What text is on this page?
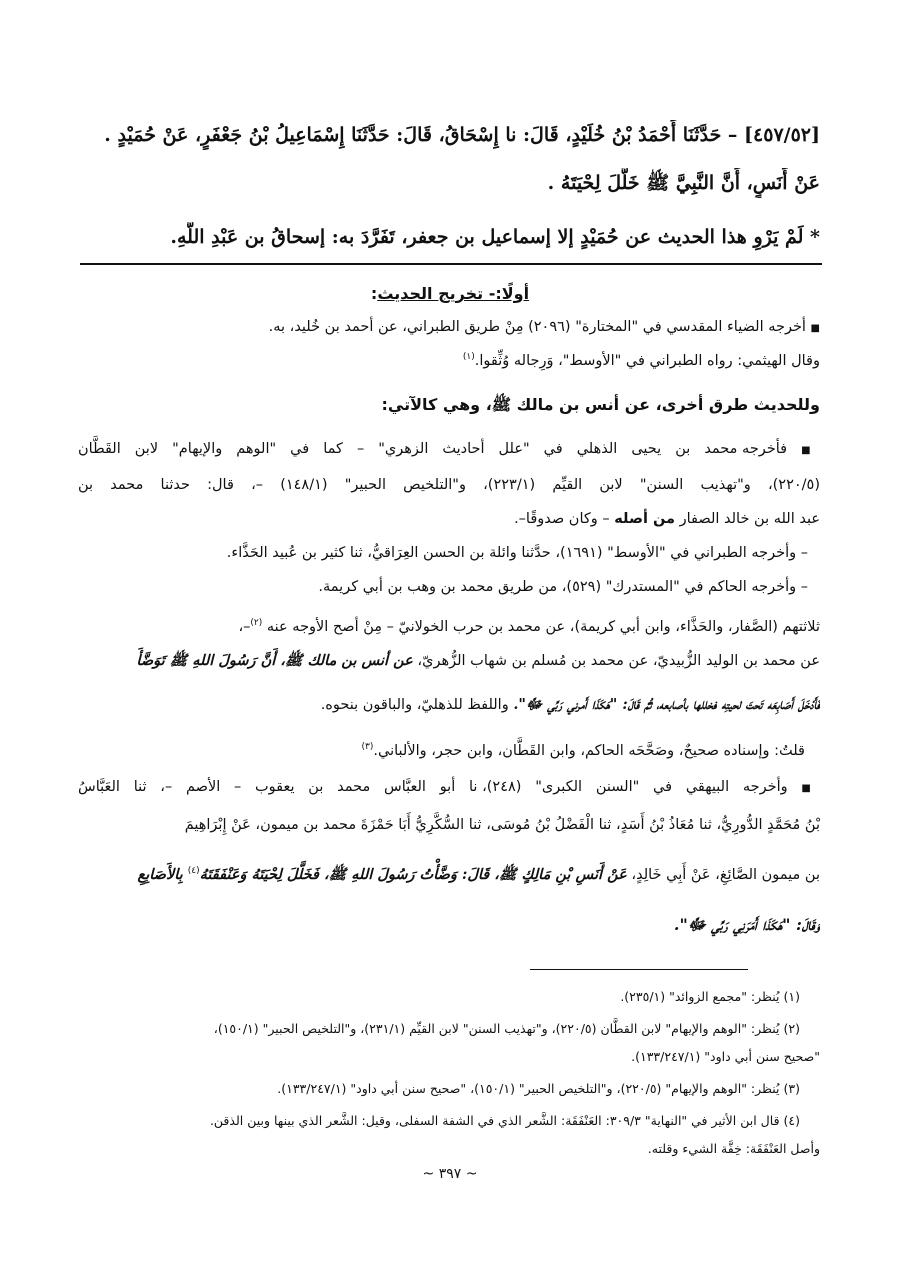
[٤٥٧/٥٢] – حَدَّثَنَا أَحْمَدُ بْنُ خُلَيْدٍ، قَالَ: نا إِسْحَاقُ، قَالَ: حَدَّثَنَا إِسْمَاعِيلُ بْنُ جَعْفَرٍ، عَنْ حُمَيْدٍ .

عَنْ أَنَسٍ، أَنَّ النَّبِيَّ ﷺ خَلَّلَ لِحْيَتَهُ .

* لَمْ يَرْوِ هذا الحديث عن حُمَيْدٍ إلا إسماعيل بن جعفر، تَفَرَّدَ به: إسحاقُ بن عَبْدِ اللَّهِ.

أولًا:- تخريج الحديث:

■ أخرجه الضياء المقدسي في "المختارة" (٢٠٩٦) مِنْ طريق الطبراني، عن أحمد بن خُليد، به.

وقال الهيثمي: رواه الطبراني في "الأوسط"، وَرِجاله وُثِّقوا.$^{(١)}$

وللحديث طرق أخرى، عن أنس بن مالك ﷺ، وهي كالآتي:

■ فأخرجه محمد بن يحيى الذهلي في "علل أحاديث الزهري" – كما في "الوهم والإيهام" لابن القَطَّان

(٢٢٠/٥)، و"تهذيب السنن" لابن القيِّم (٢٢٣/١)، و"التلخيص الحبير" (١٤٨/١) –، قال: حدثنا محمد بن

عبد الله بن خالد الصفار من أصله – وكان صدوقًا–.

– وأخرجه الطبراني في "الأوسط" (١٦٩١)، حدَّثنا وائلة بن الحسن العِرَاقيُّ، ثنا كثير بن عُبيد الحَذَّاء.

– وأخرجه الحاكم في "المستدرك" (٥٢٩)، من طريق محمد بن وهب بن أبي كريمة.

ثلاثتهم (الصَّفار، والحَذَّاء، وابن أبي كريمة)، عن محمد بن حرب الخولانيّ – مِنْ أصح الأوجه عنه $^{(٢)}$–،

عن محمد بن الوليد الزُّبيديّ، عن محمد بن مُسلم بن شهاب الزُّهريّ، عن أنس بن مالك ﷺ، أَنَّ رَسُولَ اللهِ ﷺ تَوَضَّأَ

فَأَدْخَلَ أَصَابِعَه تَحتَ لحيتِه فخللها بأصابعه، ثُمَّ قَالَ: "هَكَذَا أَمرني رَبِّي ﷻ". واللفظ للذهليّ، والباقون بنحوه.

قلتُ: وإسناده صحيحٌ، وصَحَّحَه الحاكم، وابن القَطَّان، وابن حجر، والألباني.$^{(٣)}$

■ وأخرجه البيهقي في "السنن الكبرى" (٢٤٨)، نا أبو العبَّاس محمد بن يعقوب – الأصم –، ثنا العَبَّاسُ

بْنُ مُحَمَّدٍ الدُّورِيُّ، ثنا مُعَاذُ بْنُ أَسَدٍ، ثنا الْفَضْلُ بْنُ مُوسَى، ثنا السُّكَّرِيُّ أَبَا حَمْزَةَ محمد بن ميمون، عَنْ إِبْرَاهِيمَ

بن ميمون الصَّائِغِ، عَنْ أَبِي خَالِدٍ، عَنْ أَنَسِ بْنِ مَالِكٍ ﷺ، قَالَ: وَضَّأْتُ رَسُولَ اللهِ ﷺ، فَخَلَّلَ لِحْيَتَهُ وَعَنْفَقَتَهُ$^{(٤)}$ بِالأَصَابِعِ

وَقَالَ: "هَكَذَا أَمَرَنِي رَبِّي ﷻ".

(١) يُنظر: "مجمع الزوائد" (٢٣٥/١).

(٢) يُنظر: "الوهم والإيهام" لابن القطَّان (٢٢٠/٥)، و"تهذيب السنن" لابن القيِّم (٢٣١/١)، و"التلخيص الحبير" (١٥٠/١)،

"صحيح سنن أبي داود" (١٣٣/٢٤٧/١).

(٣) يُنظر: "الوهم والإيهام" (٢٢٠/٥)، و"التلخيص الحبير" (١٥٠/١)، "صحيح سنن أبي داود" (١٣٣/٢٤٧/١).

(٤) قال ابن الأثير في "النهاية" ٣٠٩/٣: العَنْفَقَة: الشَّعر الذي في الشفة السفلى، وقيل: الشَّعر الذي بينها وبين الذقن.

وأصل العَنْفَقَة: خِفَّة الشيء وقلته.

~ ٣٩٧ ~
